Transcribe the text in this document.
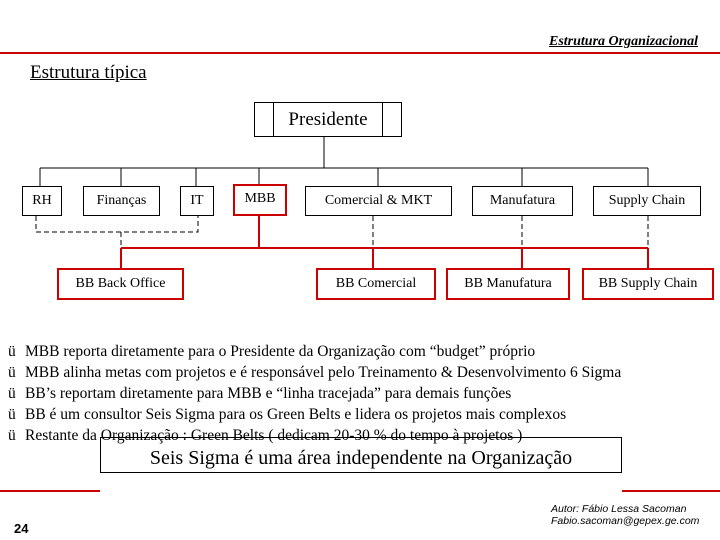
Estrutura Organizacional
Estrutura típica
Presidente
RH	Finanças	IT	MBB	Comercial & MKT	Manufatura	Supply Chain
BB Back Office	BB Comercial	BB Manufatura	BB Supply Chain
ü MBB reporta diretamente para o Presidente da Organização com “budget” próprio
ü MBB alinha metas com projetos e é responsável pelo Treinamento & Desenvolvimento 6 Sigma
ü BB’s reportam diretamente para MBB e “linha tracejada” para demais funções
ü BB é um consultor Seis Sigma para os Green Belts e lidera os projetos mais complexos
ü Restante da Organização : Green Belts ( dedicam 20-30 % do tempo à projetos )
Seis Sigma é uma área independente na Organização
24
Autor: Fábio Lessa Sacoman
Fabio.sacoman@gepex.ge.com
